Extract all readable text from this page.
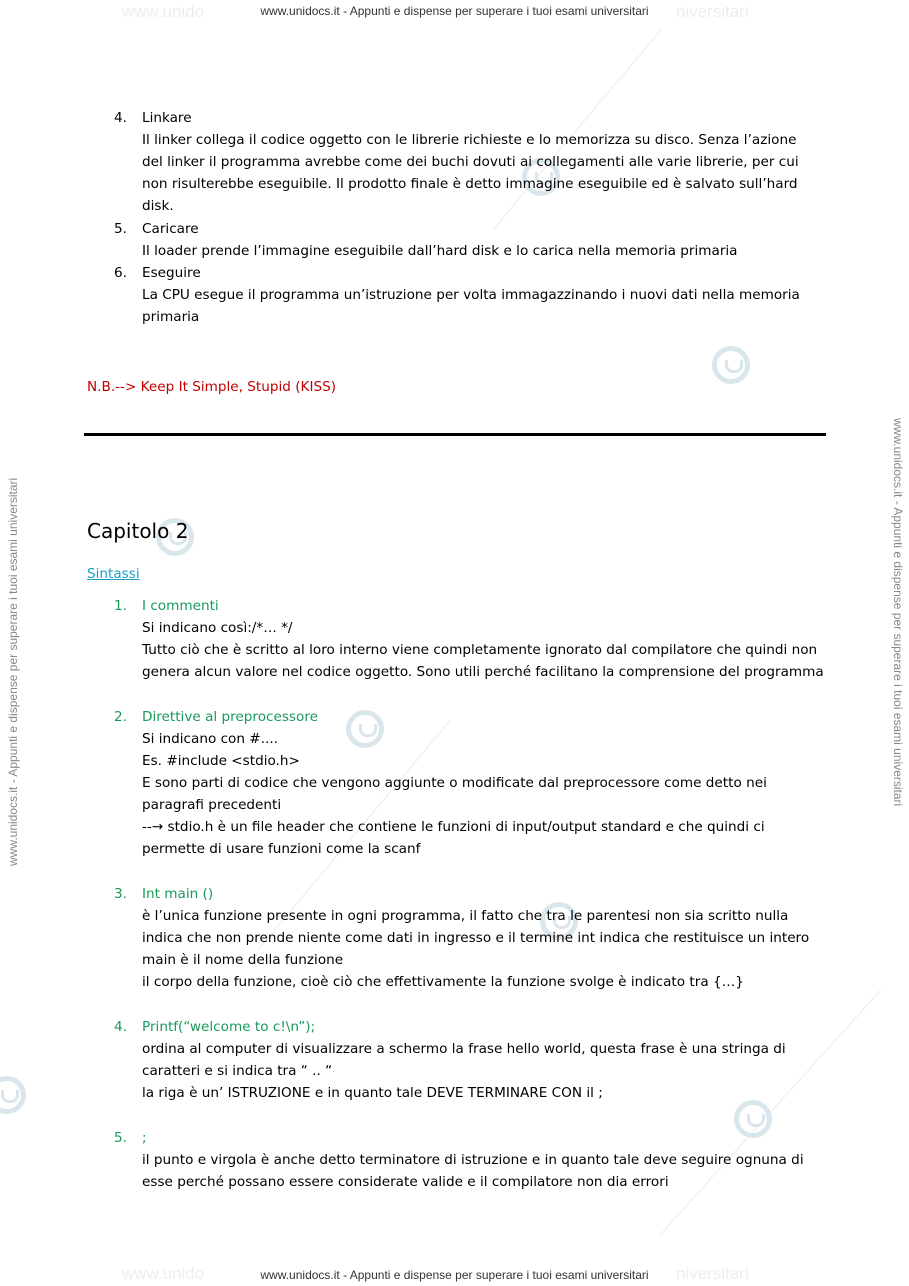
www.unido	niversitari
www.unido	niversitari
www.unidocs.it - Appunti e dispense per superare i tuoi esami universitari
www.unidocs.it - Appunti e dispense per superare i tuoi esami universitari
www.unidocs.it - Appunti e dispense per superare i tuoi esami universitari	www.unidocs.it - Appunti e dispense per superare i tuoi esami universitari
4.	Linkare
Il linker collega il codice oggetto con le librerie richieste e lo memorizza su disco. Senza l’azione
del linker il programma avrebbe come dei buchi dovuti ai collegamenti alle varie librerie, per cui
non risulterebbe eseguibile. Il prodotto finale è detto immagine eseguibile ed è salvato sull’hard
disk.
5.	Caricare
Il loader prende l’immagine eseguibile dall’hard disk e lo carica nella memoria primaria
6.	Eseguire
La CPU esegue il programma un’istruzione per volta immagazzinando i nuovi dati nella memoria
primaria
N.B.--> Keep It Simple, Stupid (KISS)
Capitolo 2
Sintassi
1.	I commenti
Si indicano così:/*… */
Tutto ciò che è scritto al loro interno viene completamente ignorato dal compilatore che quindi non
genera alcun valore nel codice oggetto. Sono utili perché facilitano la comprensione del programma
2.	Direttive al preprocessore
Si indicano con #....
Es. #include <stdio.h>
E sono parti di codice che vengono aggiunte o modificate dal preprocessore come detto nei
paragrafi precedenti
--→ stdio.h è un file header che contiene le funzioni di input/output standard e che quindi ci
permette di usare funzioni come la scanf
3.	Int main ()
è l’unica funzione presente in ogni programma, il fatto che tra le parentesi non sia scritto nulla
indica che non prende niente come dati in ingresso e il termine int indica che restituisce un intero
main è il nome della funzione
il corpo della funzione, cioè ciò che effettivamente la funzione svolge è indicato tra {…}
4.	Printf(“welcome to c!\n”);
ordina al computer di visualizzare a schermo la frase hello world, questa frase è una stringa di
caratteri e si indica tra “ .. “
la riga è un’ ISTRUZIONE e in quanto tale DEVE TERMINARE CON il ;
5.	;
il punto e virgola è anche detto terminatore di istruzione e in quanto tale deve seguire ognuna di
esse perché possano essere considerate valide e il compilatore non dia errori
